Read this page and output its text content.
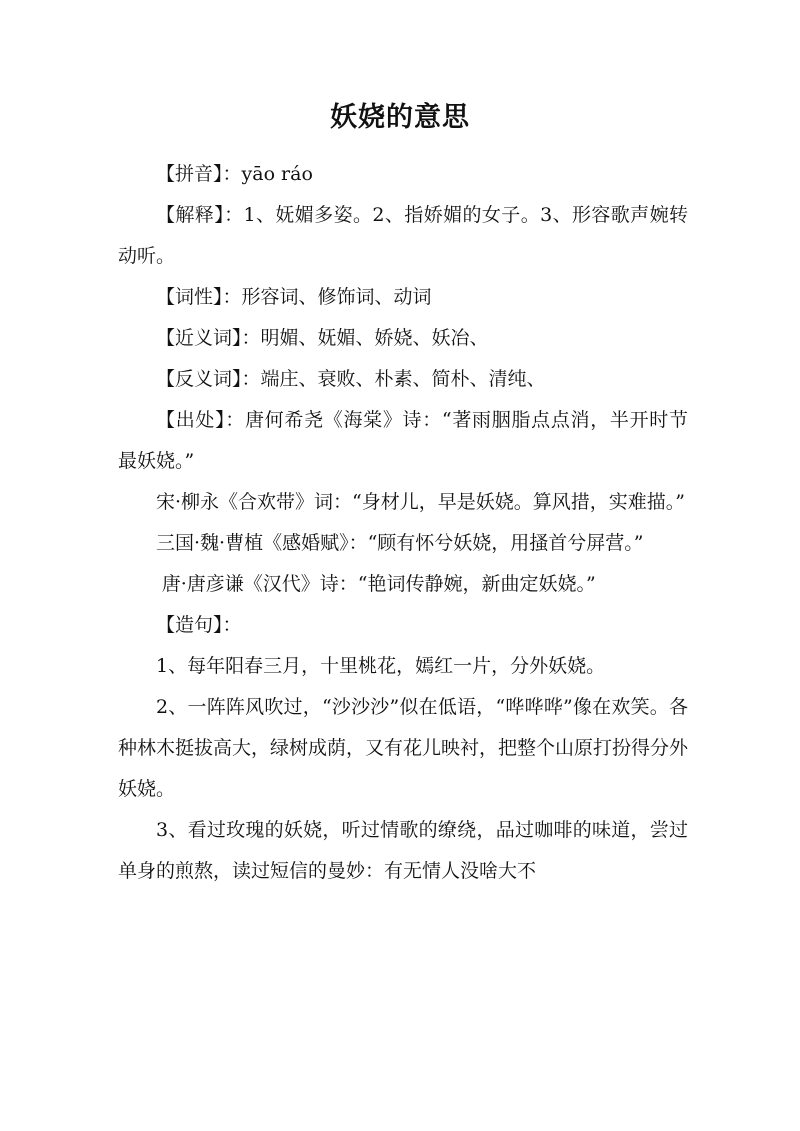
妖娆的意思

【拼音】：yāo ráo

【解释】：1、妩媚多姿。2、指娇媚的女子。3、形容歌声婉转动听。

【词性】：形容词、修饰词、动词

【近义词】：明媚、妩媚、娇娆、妖冶、

【反义词】：端庄、衰败、朴素、简朴、清纯、

【出处】：唐何希尧《海棠》诗：“著雨胭脂点点消，半开时节最妖娆。”

宋·柳永《合欢带》词：“身材儿，早是妖娆。算风措，实难描。”

三国·魏·曹植《感婚赋》：“顾有怀兮妖娆，用搔首兮屏营。”

唐·唐彦谦《汉代》诗：“艳词传静婉，新曲定妖娆。”

【造句】：

1、每年阳春三月，十里桃花，嫣红一片，分外妖娆。

2、一阵阵风吹过，“沙沙沙”似在低语，“哗哗哗”像在欢笑。各种林木挺拔高大，绿树成荫，又有花儿映衬，把整个山原打扮得分外妖娆。

3、看过玫瑰的妖娆，听过情歌的缭绕，品过咖啡的味道，尝过单身的煎熬，读过短信的曼妙：有无情人没啥大不
